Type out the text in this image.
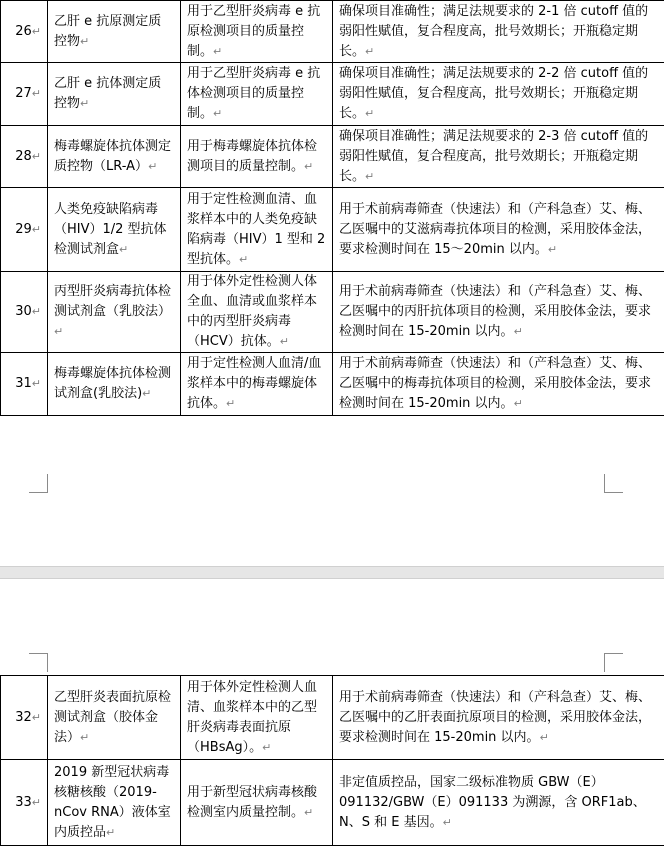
26↵	乙肝 e 抗原测定质控物↵	用于乙型肝炎病毒 e 抗原检测项目的质量控制。↵	确保项目准确性；满足法规要求的 2-1 倍 cutoff 值的弱阳性赋值，复合程度高，批号效期长；开瓶稳定期长。↵
27↵	乙肝 e 抗体测定质控物↵	用于乙型肝炎病毒 e 抗体检测项目的质量控制。↵	确保项目准确性；满足法规要求的 2-2 倍 cutoff 值的弱阳性赋值，复合程度高，批号效期长；开瓶稳定期长。↵
28↵	梅毒螺旋体抗体测定质控物（LR-A）↵	用于梅毒螺旋体抗体检测项目的质量控制。↵	确保项目准确性；满足法规要求的 2-3 倍 cutoff 值的弱阳性赋值，复合程度高，批号效期长；开瓶稳定期长。↵
29↵	人类免疫缺陷病毒（HIV）1/2 型抗体检测试剂盒↵	用于定性检测血清、血浆样本中的人类免疫缺陷病毒（HIV）1 型和 2 型抗体。↵	用于术前病毒筛查（快速法）和（产科急查）艾、梅、乙医嘱中的艾滋病毒抗体项目的检测，采用胶体金法，要求检测时间在 15～20min 以内。↵
30↵	丙型肝炎病毒抗体检测试剂盒（乳胶法）↵	用于体外定性检测人体全血、血清或血浆样本中的丙型肝炎病毒（HCV）抗体。↵	用于术前病毒筛查（快速法）和（产科急查）艾、梅、乙医嘱中的丙肝抗体项目的检测，采用胶体金法，要求检测时间在 15-20min 以内。↵
31↵	梅毒螺旋体抗体检测试剂盒(乳胶法)↵	用于定性检测人血清/血浆样本中的梅毒螺旋体抗体。↵	用于术前病毒筛查（快速法）和（产科急查）艾、梅、乙医嘱中的梅毒抗体项目的检测，采用胶体金法，要求检测时间在 15-20min 以内。↵
32↵	乙型肝炎表面抗原检测试剂盒（胶体金法）↵	用于体外定性检测人血清、血浆样本中的乙型肝炎病毒表面抗原（HBsAg）。↵	用于术前病毒筛查（快速法）和（产科急查）艾、梅、乙医嘱中的乙肝表面抗原项目的检测，采用胶体金法，要求检测时间在 15-20min 以内。↵
33↵	2019 新型冠状病毒核糖核酸（2019-nCov RNA）液体室内质控品↵	用于新型冠状病毒核酸检测室内质量控制。↵	非定值质控品，国家二级标准物质 GBW（E）091132/GBW（E）091133 为溯源，含 ORF1ab、N、S 和 E 基因。↵
